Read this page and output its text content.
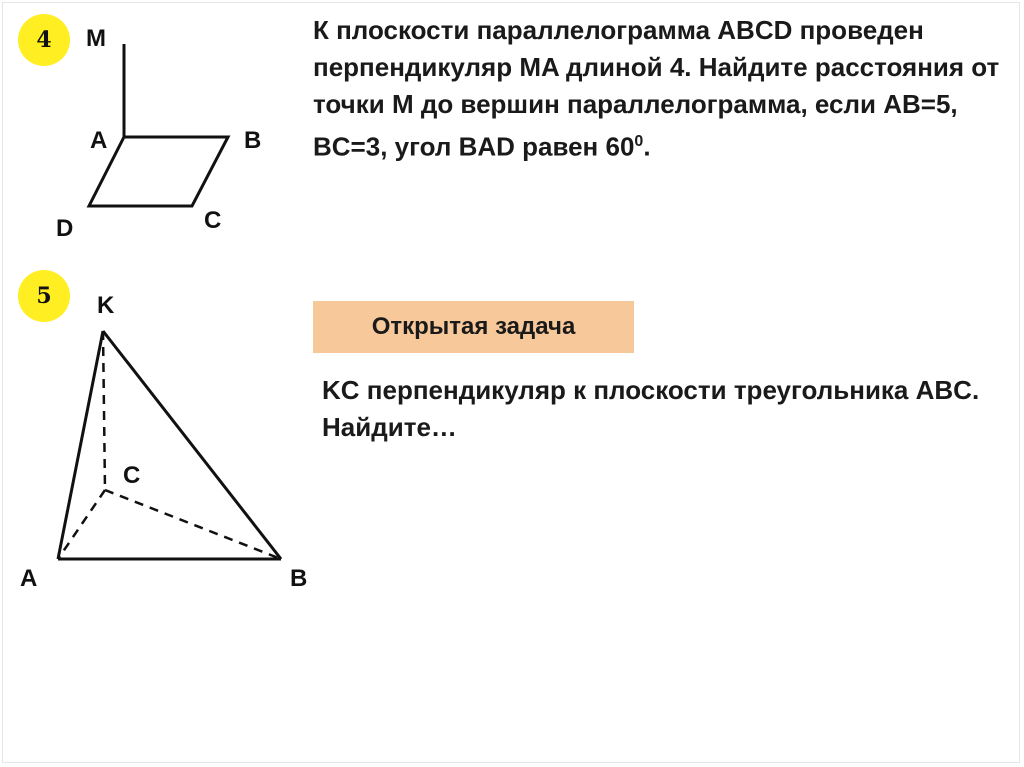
4 M
A	B
C
D
K
C
A	B

К плоскости параллелограмма ABCD проведен перпендикуляр MA длиной 4. Найдите расстояния от точки M до вершин параллелограмма, если AB=5, BC=3, угол BAD равен $60^0$.

5
Открытая задача

KC перпендикуляр к плоскости треугольника ABC. Найдите…
